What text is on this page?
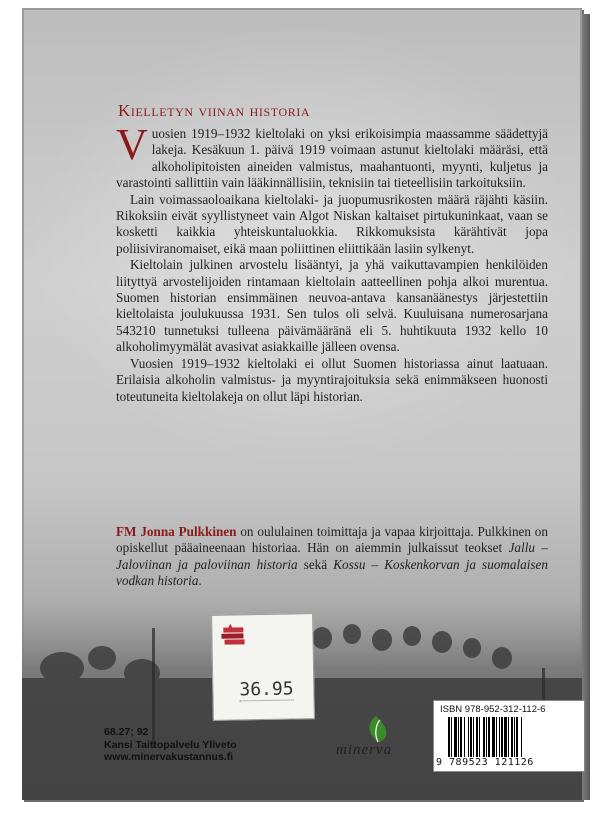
Kielletyn viinan historia

Vuosien 1919–1932 kieltolaki on yksi erikoisimpia maassamme säädettyjä lakeja. Kesäkuun 1. päivä 1919 voimaan astunut kieltolaki määräsi, että alkoholipitoisten aineiden valmistus, maahantuonti, myynti, kuljetus ja varastointi sallittiin vain lääkinnällisiin, teknisiin tai tieteellisiin tarkoituksiin.

Lain voimassaoloaikana kieltolaki- ja juopumusrikosten määrä räjähti käsiin. Rikoksiin eivät syyllistyneet vain Algot Niskan kaltaiset pirtukuninkaat, vaan se kosketti kaikkia yhteiskuntaluokkia. Rikkomuksista kärähtivät jopa poliisiviranomaiset, eikä maan poliittinen eliittikään lasiin sylkenyt.

Kieltolain julkinen arvostelu lisääntyi, ja yhä vaikuttavampien henkilöiden liityttyä arvostelijoiden rintamaan kieltolain aatteellinen pohja alkoi murentua. Suomen historian ensimmäinen neuvoa-antava kansanäänestys järjestettiin kieltolaista joulukuussa 1931. Sen tulos oli selvä. Kuuluisana numerosarjana 543210 tunnetuksi tulleena päivämääränä eli 5. huhtikuuta 1932 kello 10 alkoholimyymälät avasivat asiakkaille jälleen ovensa.

Vuosien 1919–1932 kieltolaki ei ollut Suomen historiassa ainut laatuaan. Erilaisia alkoholin valmistus- ja myyntirajoituksia sekä enimmäkseen huonosti toteutuneita kieltolakeja on ollut läpi historian.

FM Jonna Pulkkinen on oululainen toimittaja ja vapaa kirjoittaja. Pulkkinen on opiskellut pääaineenaan historiaa. Hän on aiemmin julkaissut teokset Jallu – Jaloviinan ja paloviinan historia sekä Kossu – Koskenkorvan ja suomalaisen vodkan historia.
36.95
68.27; 92
Kansi Taittopalvelu Yliveto
www.minervakustannus.fi	minerva
ISBN 978-952-312-112-6
9 789523 121126
